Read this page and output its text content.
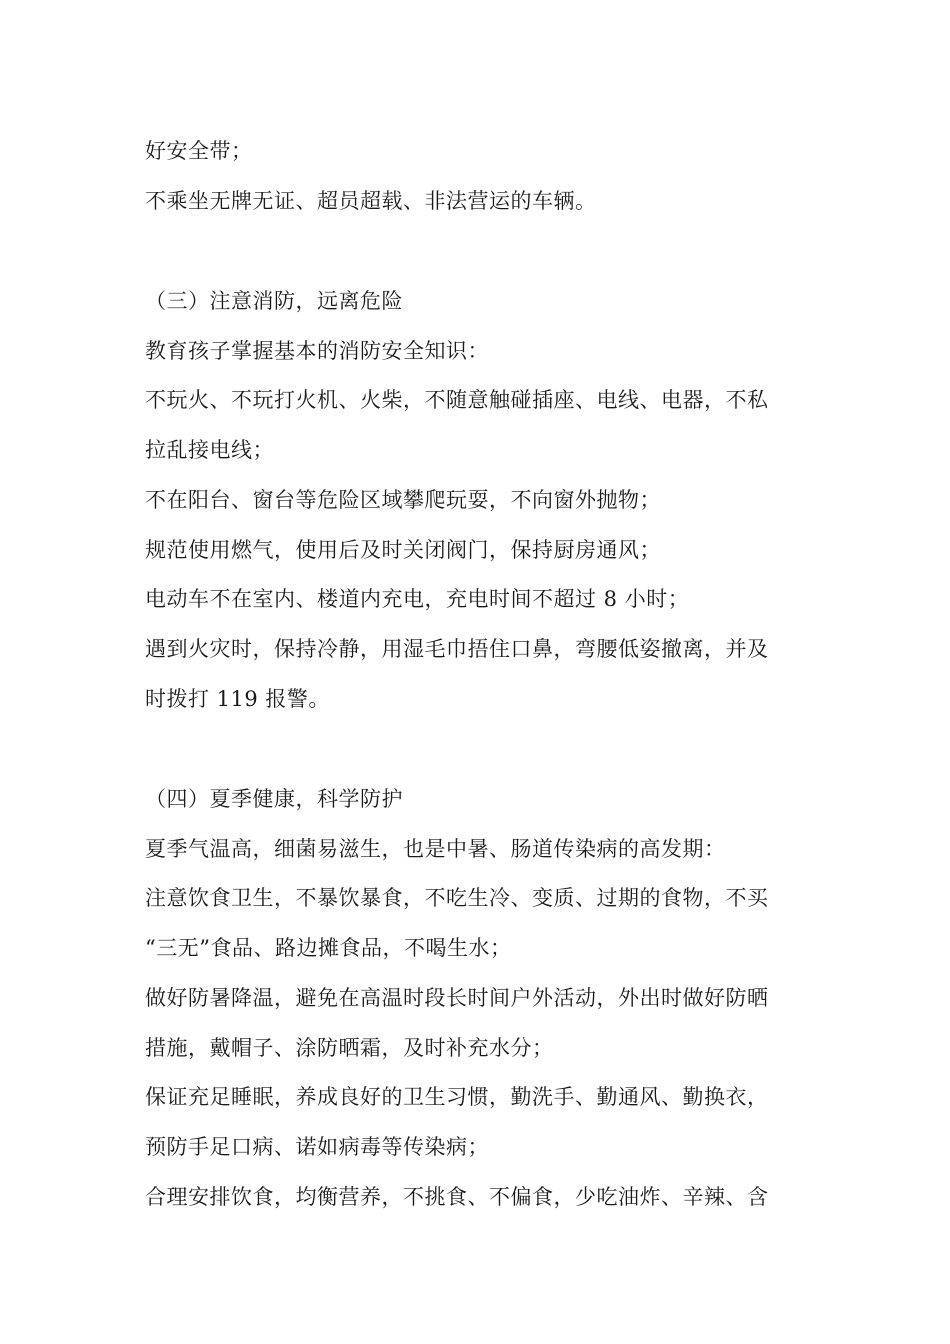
好安全带；
不乘坐无牌无证、超员超载、非法营运的车辆。
（三）注意消防，远离危险
教育孩子掌握基本的消防安全知识：
不玩火、不玩打火机、火柴，不随意触碰插座、电线、电器，不私
拉乱接电线；
不在阳台、窗台等危险区域攀爬玩耍，不向窗外抛物；
规范使用燃气，使用后及时关闭阀门，保持厨房通风；
电动车不在室内、楼道内充电，充电时间不超过 8 小时；
遇到火灾时，保持冷静，用湿毛巾捂住口鼻，弯腰低姿撤离，并及
时拨打 119 报警。
（四）夏季健康，科学防护
夏季气温高，细菌易滋生，也是中暑、肠道传染病的高发期：
注意饮食卫生，不暴饮暴食，不吃生冷、变质、过期的食物，不买
“三无”食品、路边摊食品，不喝生水；
做好防暑降温，避免在高温时段长时间户外活动，外出时做好防晒
措施，戴帽子、涂防晒霜，及时补充水分；
保证充足睡眠，养成良好的卫生习惯，勤洗手、勤通风、勤换衣，
预防手足口病、诺如病毒等传染病；
合理安排饮食，均衡营养，不挑食、不偏食，少吃油炸、辛辣、含
